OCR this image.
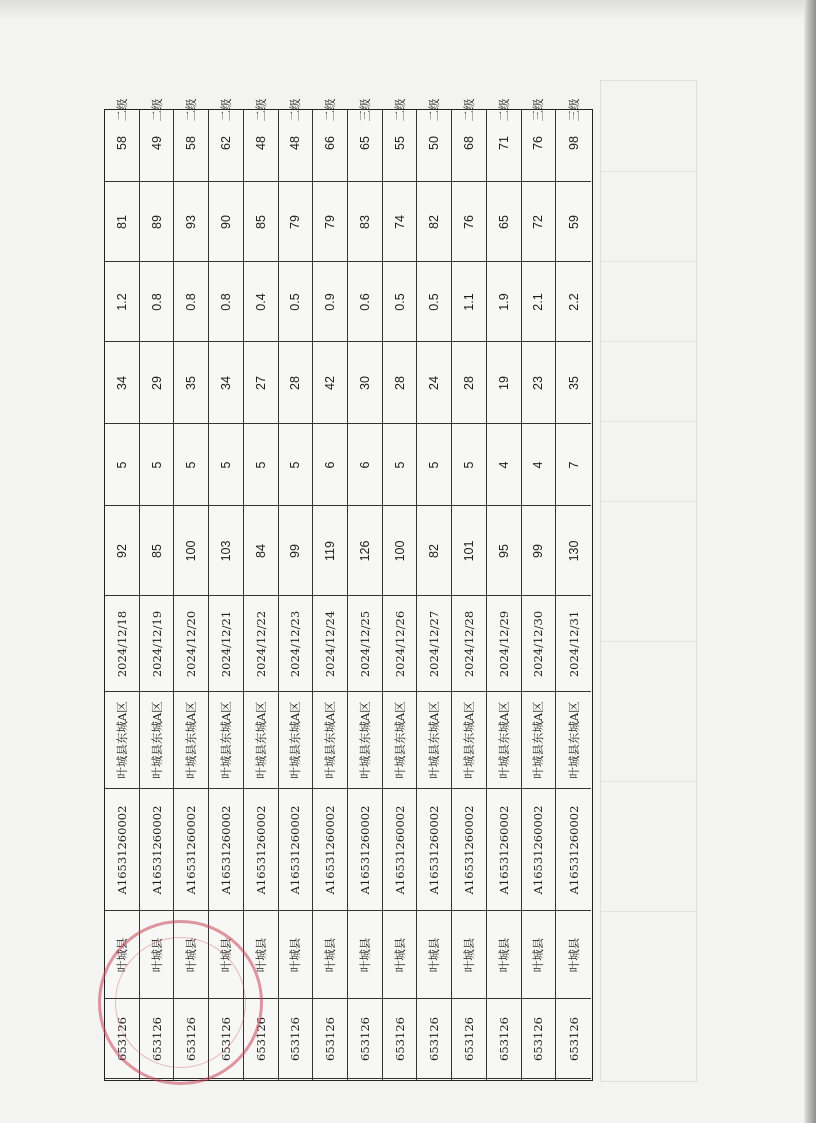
653126
叶城县
A16531260002
叶城县东城A区
2024/12/18
92
5
34
1.2
81
58
二级
653126
叶城县
A16531260002
叶城县东城A区
2024/12/19
85
5
29
0.8
89
49
二级
653126
叶城县
A16531260002
叶城县东城A区
2024/12/20
100
5
35
0.8
93
58
二级
653126
叶城县
A16531260002
叶城县东城A区
2024/12/21
103
5
34
0.8
90
62
二级
653126
叶城县
A16531260002
叶城县东城A区
2024/12/22
84
5
27
0.4
85
48
二级
653126
叶城县
A16531260002
叶城县东城A区
2024/12/23
99
5
28
0.5
79
48
二级
653126
叶城县
A16531260002
叶城县东城A区
2024/12/24
119
6
42
0.9
79
66
二级
653126
叶城县
A16531260002
叶城县东城A区
2024/12/25
126
6
30
0.6
83
65
三级
653126
叶城县
A16531260002
叶城县东城A区
2024/12/26
100
5
28
0.5
74
55
二级
653126
叶城县
A16531260002
叶城县东城A区
2024/12/27
82
5
24
0.5
82
50
二级
653126
叶城县
A16531260002
叶城县东城A区
2024/12/28
101
5
28
1.1
76
68
二级
653126
叶城县
A16531260002
叶城县东城A区
2024/12/29
95
4
19
1.9
65
71
二级
653126
叶城县
A16531260002
叶城县东城A区
2024/12/30
99
4
23
2.1
72
76
三级
653126
叶城县
A16531260002
叶城县东城A区
2024/12/31
130
7
35
2.2
59
98
三级
